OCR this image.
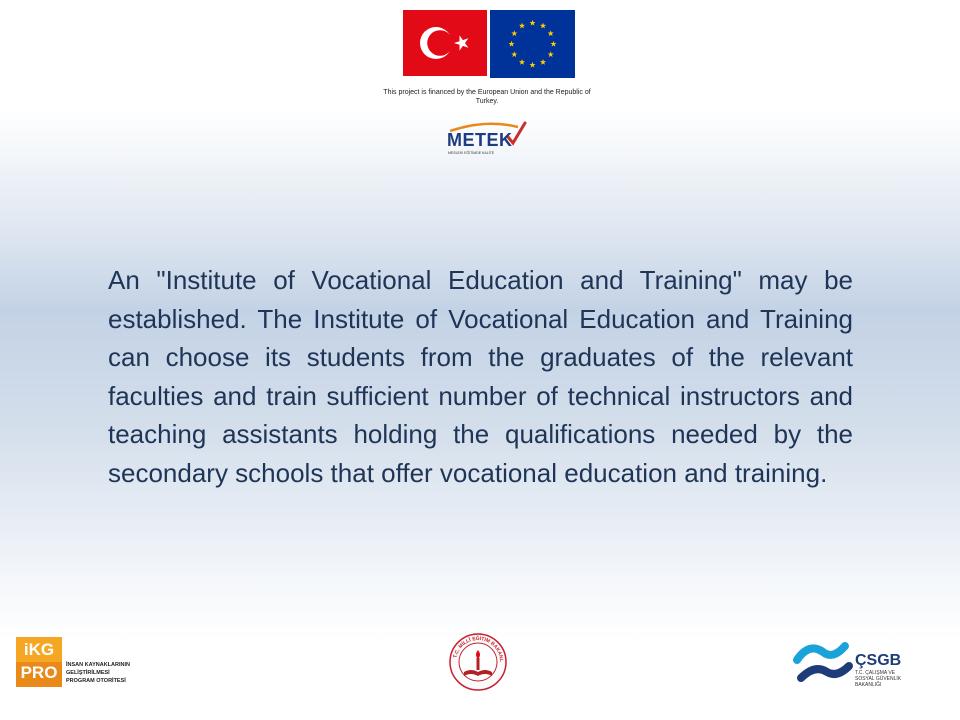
This project is financed by the European Union and the Republic of Turkey.
METEK
MESLEKİ EĞİTİMDE KALİTE

An "Institute of Vocational Education and Training" may be established. The Institute of Vocational Education and Training can choose its students from the graduates of the relevant faculties and train sufficient number of technical instructors and teaching assistants holding the qualifications needed by the secondary schools that offer vocational education and training.

iKG
PRO	İNSAN KAYNAKLARININ
GELİŞTİRİLMESİ
PROGRAM OTORİTESİ
T.C. MİLLÎ EĞİTİM BAKANL	ÇSGB
T.C. ÇALIŞMA VE
SOSYAL GÜVENLİK
BAKANLIĞI
